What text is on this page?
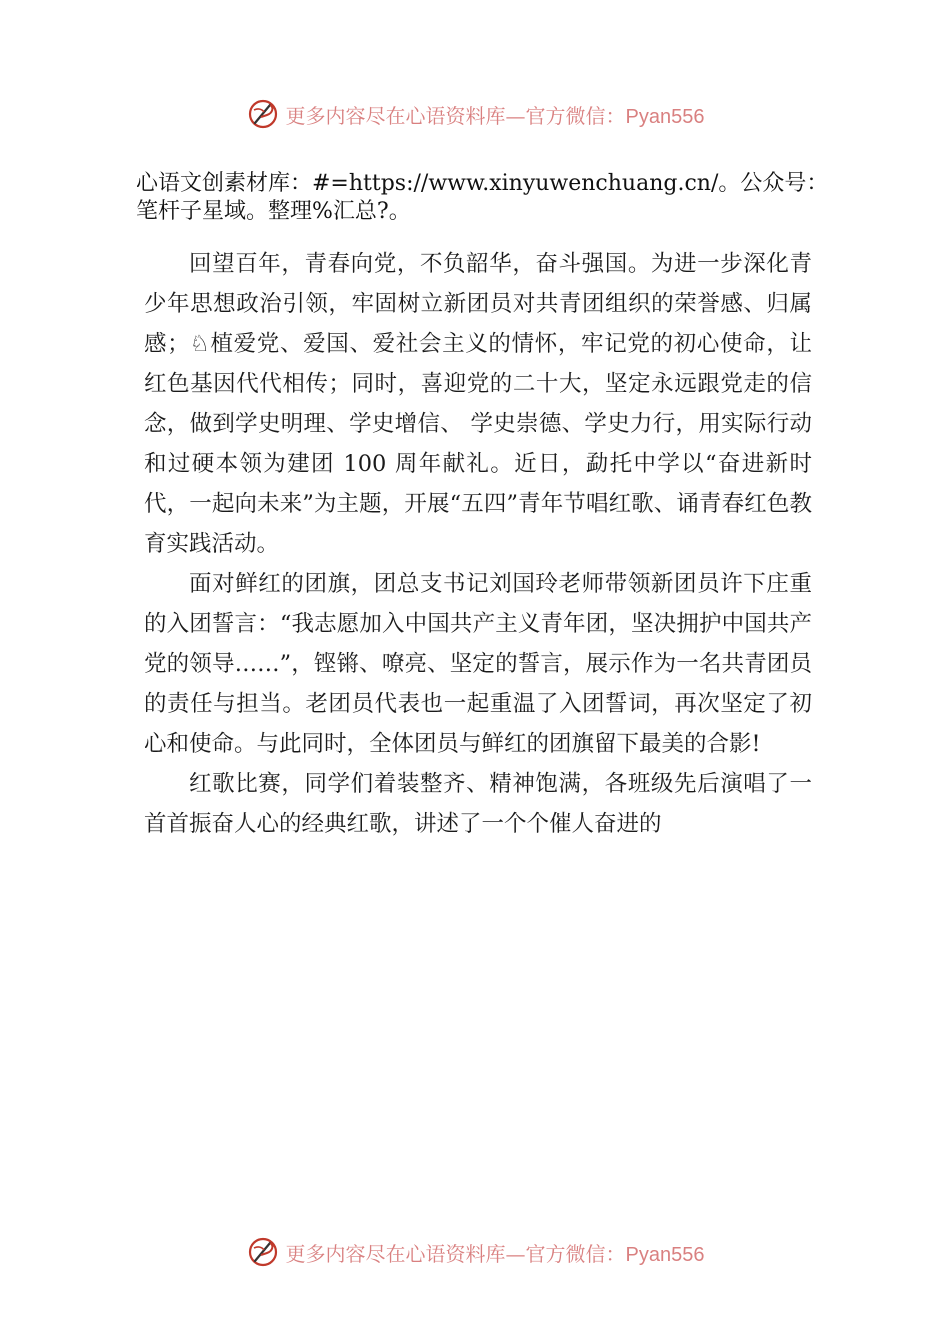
更多内容尽在心语资料库—官方微信：Pyan556
心语文创素材库：#=https://www.xinyuwenchuang.cn/。公众号：笔杆子星域。整理%汇总?。

回望百年，青春向党，不负韶华，奋斗强国。为进一步深化青少年思想政治引领，牢固树立新团员对共青团组织的荣誉感、归属感；♘植爱党、爱国、爱社会主义的情怀，牢记党的初心使命，让红色基因代代相传；同时，喜迎党的二十大，坚定永远跟党走的信念，做到学史明理、学史增信、 学史崇德、学史力行，用实际行动和过硬本领为建团 100 周年献礼。近日，勐托中学以“奋进新时代，一起向未来”为主题，开展“五四”青年节唱红歌、诵青春红色教育实践活动。

面对鲜红的团旗，团总支书记刘国玲老师带领新团员许下庄重的入团誓言：“我志愿加入中国共产主义青年团，坚决拥护中国共产党的领导……”，铿锵、嘹亮、坚定的誓言，展示作为一名共青团员的责任与担当。老团员代表也一起重温了入团誓词，再次坚定了初心和使命。与此同时，全体团员与鲜红的团旗留下最美的合影!

红歌比赛，同学们着装整齐、精神饱满，各班级先后演唱了一首首振奋人心的经典红歌，讲述了一个个催人奋进的

更多内容尽在心语资料库—官方微信：Pyan556
